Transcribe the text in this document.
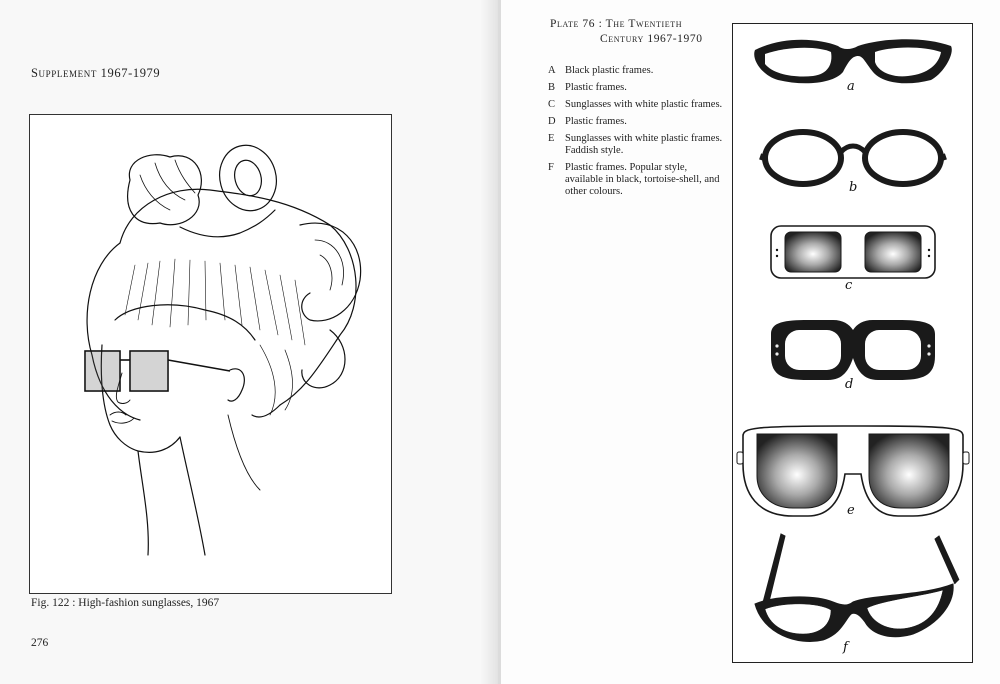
Supplement 1967-1979
Fig. 122 : High-fashion sunglasses, 1967
276
Plate 76 : The Twentieth
Century 1967-1970
A Black plastic frames.
B Plastic frames.
C Sunglasses with white plastic frames.
D Plastic frames.
E Sunglasses with white plastic frames. Faddish style.
F Plastic frames. Popular style, available in black, tortoise-shell, and other colours.
a
b
c
d
e
f
